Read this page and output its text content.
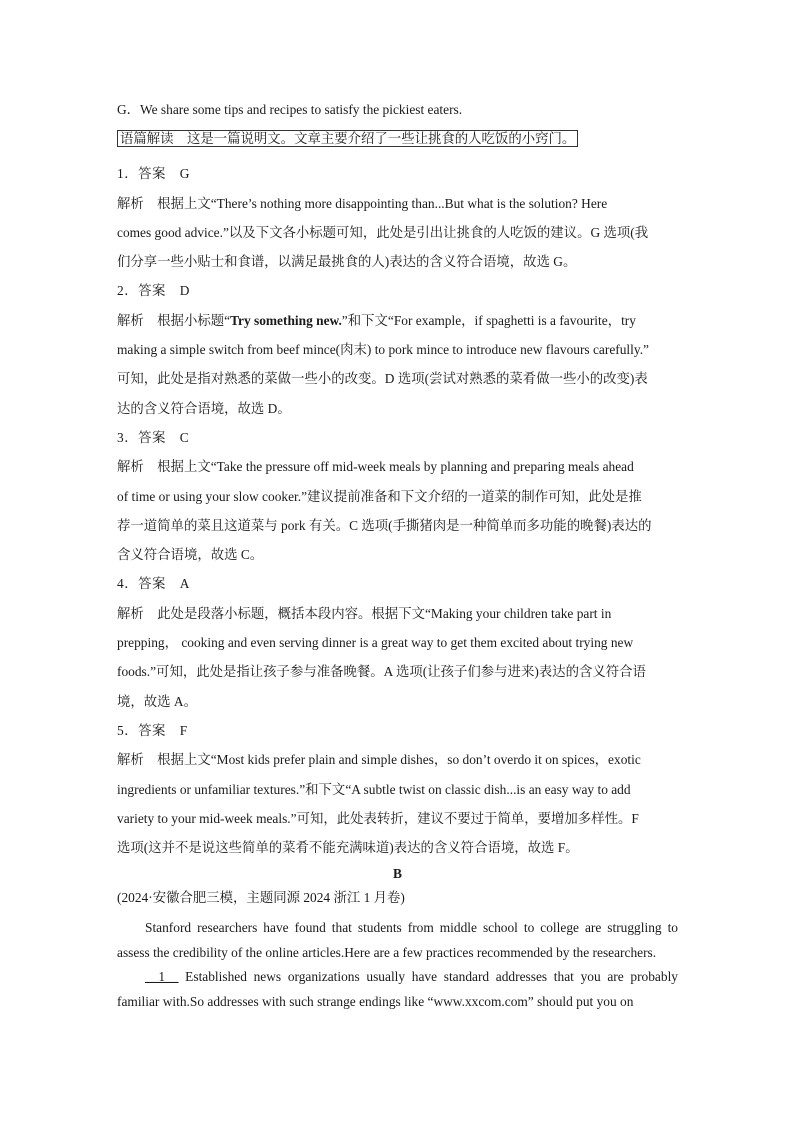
G．We share some tips and recipes to satisfy the pickiest eaters.

语篇解读　这是一篇说明文。文章主要介绍了一些让挑食的人吃饭的小窍门。

1．答案　G

解析　根据上文“There’s nothing more disappointing than...But what is the solution? Here

comes good advice.”以及下文各小标题可知，此处是引出让挑食的人吃饭的建议。G 选项(我

们分享一些小贴士和食谱，以满足最挑食的人)表达的含义符合语境，故选 G。

2．答案　D

解析　根据小标题“Try something new.”和下文“For example，if spaghetti is a favourite，try

making a simple switch from beef mince(肉末) to pork mince to introduce new flavours carefully.”

可知，此处是指对熟悉的菜做一些小的改变。D 选项(尝试对熟悉的菜肴做一些小的改变)表

达的含义符合语境，故选 D。

3．答案　C

解析　根据上文“Take the pressure off mid-week meals by planning and preparing meals ahead

of time or using your slow cooker.”建议提前准备和下文介绍的一道菜的制作可知，此处是推

荐一道简单的菜且这道菜与 pork 有关。C 选项(手撕猪肉是一种简单而多功能的晚餐)表达的

含义符合语境，故选 C。

4．答案　A

解析　此处是段落小标题，概括本段内容。根据下文“Making your children take part in

prepping， cooking and even serving dinner is a great way to get them excited about trying new

foods.”可知，此处是指让孩子参与准备晚餐。A 选项(让孩子们参与进来)表达的含义符合语

境，故选 A。

5．答案　F

解析　根据上文“Most kids prefer plain and simple dishes，so don’t overdo it on spices，exotic

ingredients or unfamiliar textures.”和下文“A subtle twist on classic dish...is an easy way to add

variety to your mid-week meals.”可知，此处表转折，建议不要过于简单，要增加多样性。F

选项(这并不是说这些简单的菜肴不能充满味道)表达的含义符合语境，故选 F。

B

(2024·安徽合肥三模，主题同源 2024 浙江 1 月卷)

Stanford researchers have found that students from middle school to college are struggling to assess the credibility of the online articles.Here are a few practices recommended by the researchers.

__1__ Established news organizations usually have standard addresses that you are probably familiar with.So addresses with such strange endings like “www.xxcom.com” should put you on
